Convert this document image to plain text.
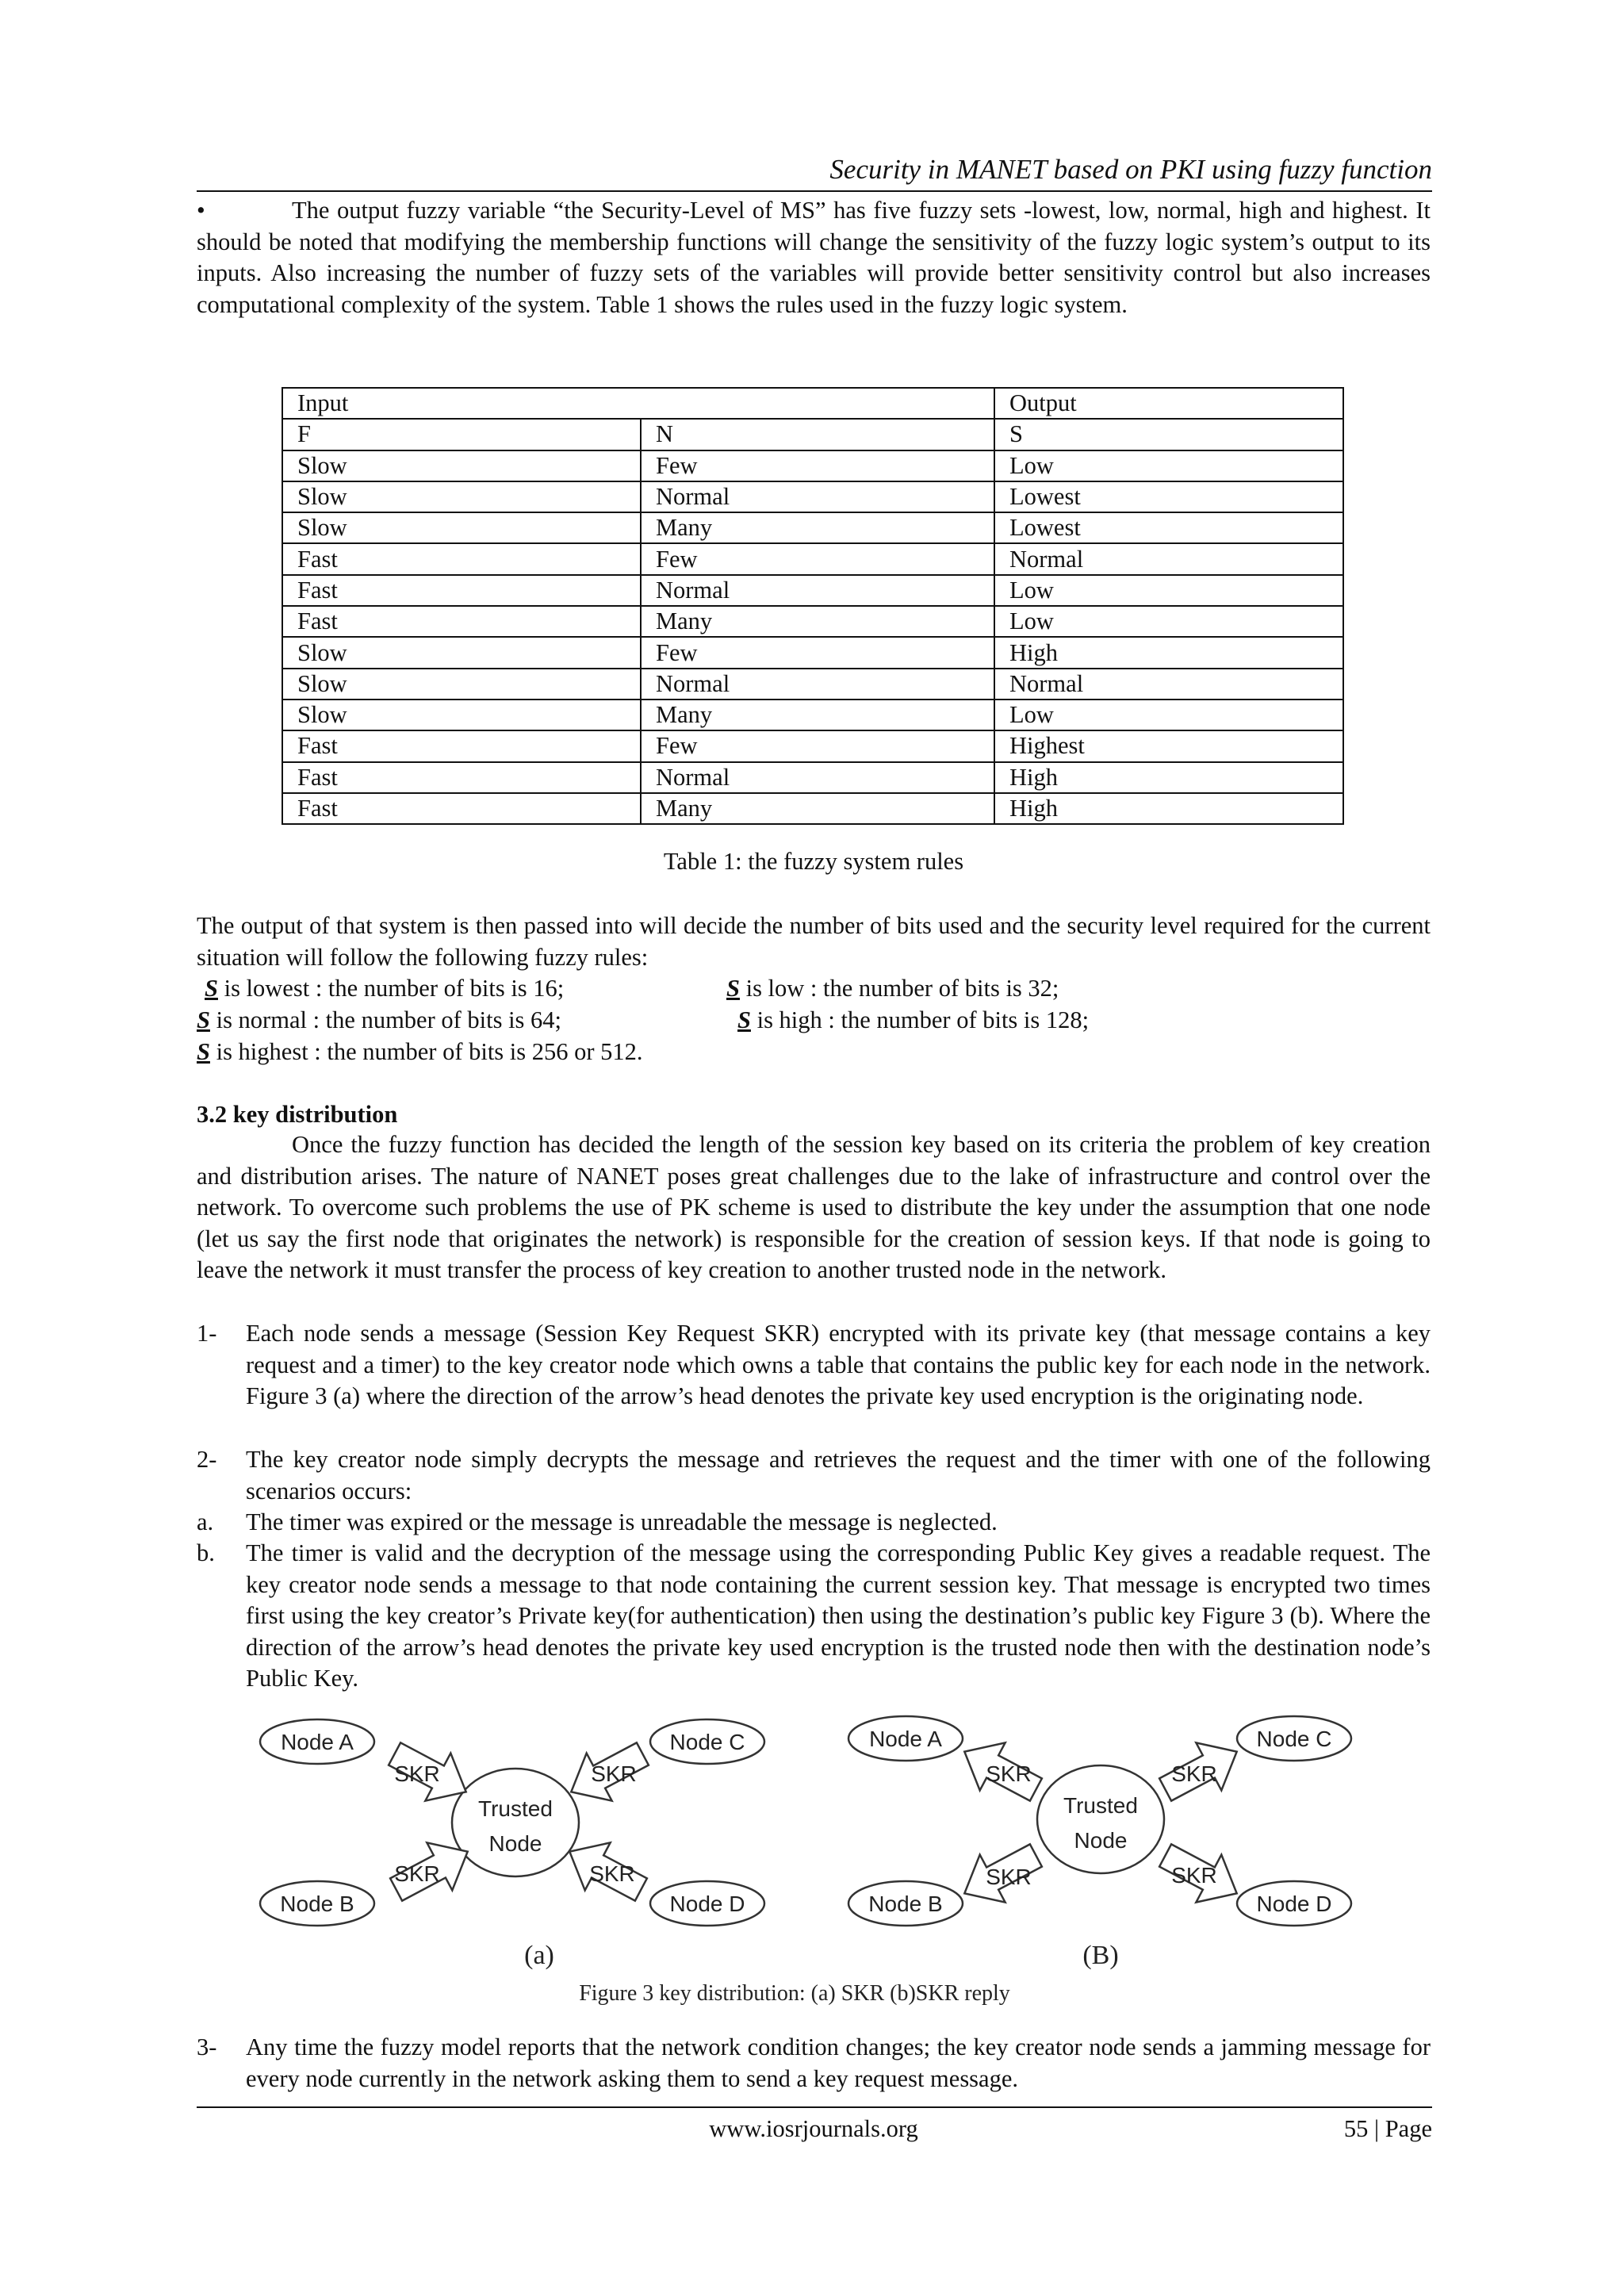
Security in MANET based on PKI using fuzzy function
•	The output fuzzy variable “the Security-Level of MS” has five fuzzy sets -lowest, low, normal, high and highest. It should be noted that modifying the membership functions will change the sensitivity of the fuzzy logic system’s output to its inputs. Also increasing the number of fuzzy sets of the variables will provide better sensitivity control but also increases computational complexity of the system. Table 1 shows the rules used in the fuzzy logic system.
Input		Output
F	N	S
Slow	Few	Low
Slow	Normal	Lowest
Slow	Many	Lowest
Fast	Few	Normal
Fast	Normal	Low
Fast	Many	Low
Slow	Few	High
Slow	Normal	Normal
Slow	Many	Low
Fast	Few	Highest
Fast	Normal	High
Fast	Many	High
Table 1: the fuzzy system rules
The output of that system is then passed into will decide the number of bits used and the security level required for the current situation will follow the following fuzzy rules:
S is lowest : the number of bits is 16;	S is low : the number of bits is 32;
S is normal : the number of bits is 64;	S is high : the number of bits is 128;
S is highest : the number of bits is 256 or 512.
3.2 key distribution
Once the fuzzy function has decided the length of the session key based on its criteria the problem of key creation and distribution arises. The nature of NANET poses great challenges due to the lake of infrastructure and control over the network. To overcome such problems the use of PK scheme is used to distribute the key under the assumption that one node (let us say the first node that originates the network) is responsible for the creation of session keys. If that node is going to leave the network it must transfer the process of key creation to another trusted node in the network.
1- Each node sends a message (Session Key Request SKR) encrypted with its private key (that message contains a key request and a timer) to the key creator node which owns a table that contains the public key for each node in the network. Figure 3 (a) where the direction of the arrow’s head denotes the private key used encryption is the originating node.
2- The key creator node simply decrypts the message and retrieves the request and the timer with one of the following scenarios occurs:
a. The timer was expired or the message is unreadable the message is neglected.
b. The timer is valid and the decryption of the message using the corresponding Public Key gives a readable request. The key creator node sends a message to that node containing the current session key. That message is encrypted two times first using the key creator’s Private key(for authentication) then using the destination’s public key Figure 3 (b). Where the direction of the arrow’s head denotes the private key used encryption is the trusted node then with the destination node’s Public Key.
Node A	Node C
Node B	Node D
Trusted
Node
SKR	SKR
SKR	SKR
(a)
Node A	Node C
Node B	Node D
Trusted
Node
SKR	SKR
SKR	SKR
(B)
Figure 3 key distribution: (a) SKR (b)SKR reply
3- Any time the fuzzy model reports that the network condition changes; the key creator node sends a jamming message for every node currently in the network asking them to send a key request message.
www.iosrjournals.org	55 | Page
